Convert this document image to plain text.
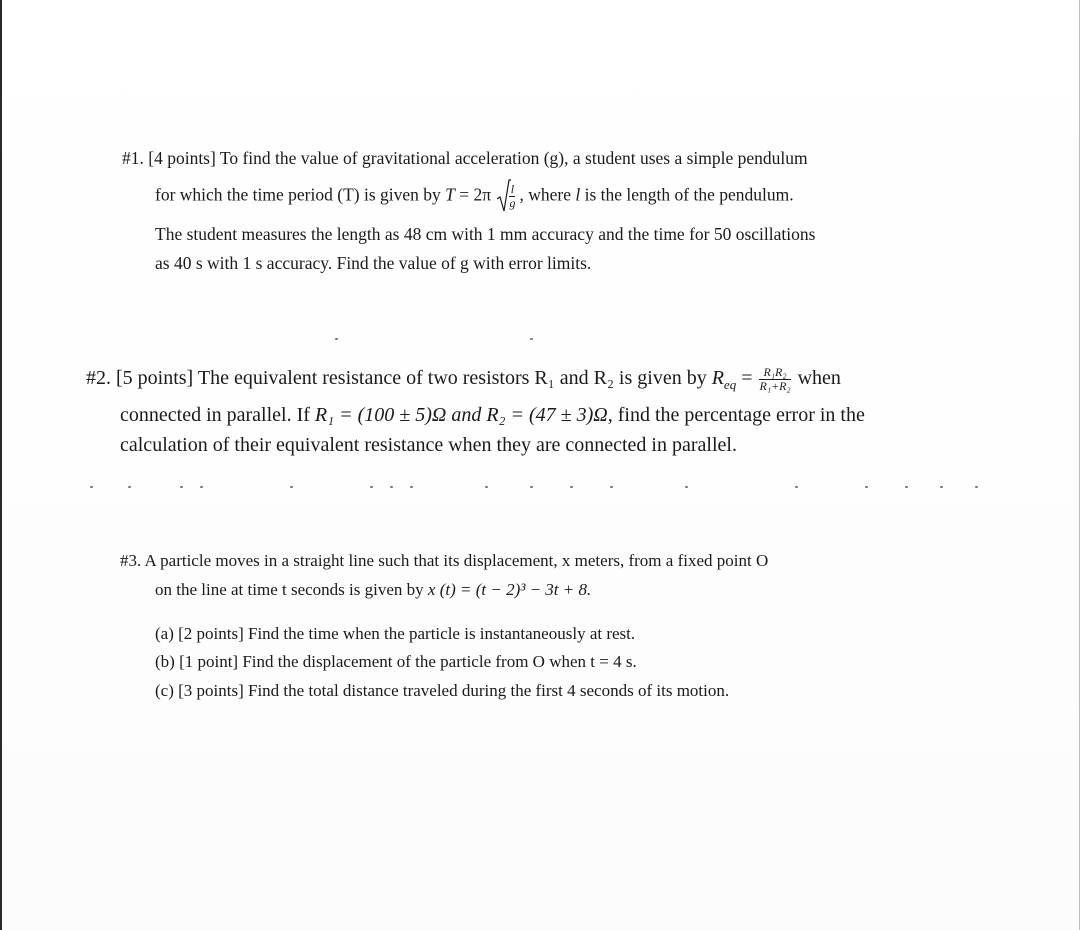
#1. [4 points] To find the value of gravitational acceleration (g), a student uses a simple pendulum
for which the time period (T) is given by $T = 2\pi \frac{l}{g}$ , where l is the length of the pendulum.
The student measures the length as 48 cm with 1 mm accuracy and the time for 50 oscillations
as 40 s with 1 s accuracy. Find the value of g with error limits.
#2. [5 points] The equivalent resistance of two resistors R₁ and R₂ is given by $R_{eq} = \frac{\text{R₁R₂}}{\text{R₁+R₂}}$ when
connected in parallel. If R₁ = (100 ± 5)Ω and R₂ = (47 ± 3)Ω, find the percentage error in the
calculation of their equivalent resistance when they are connected in parallel.
#3. A particle moves in a straight line such that its displacement, x meters, from a fixed point O
on the line at time t seconds is given by x (t) = (t − 2)³ − 3t + 8.
(a) [2 points] Find the time when the particle is instantaneously at rest.
(b) [1 point] Find the displacement of the particle from O when t = 4 s.
(c) [3 points] Find the total distance traveled during the first 4 seconds of its motion.
